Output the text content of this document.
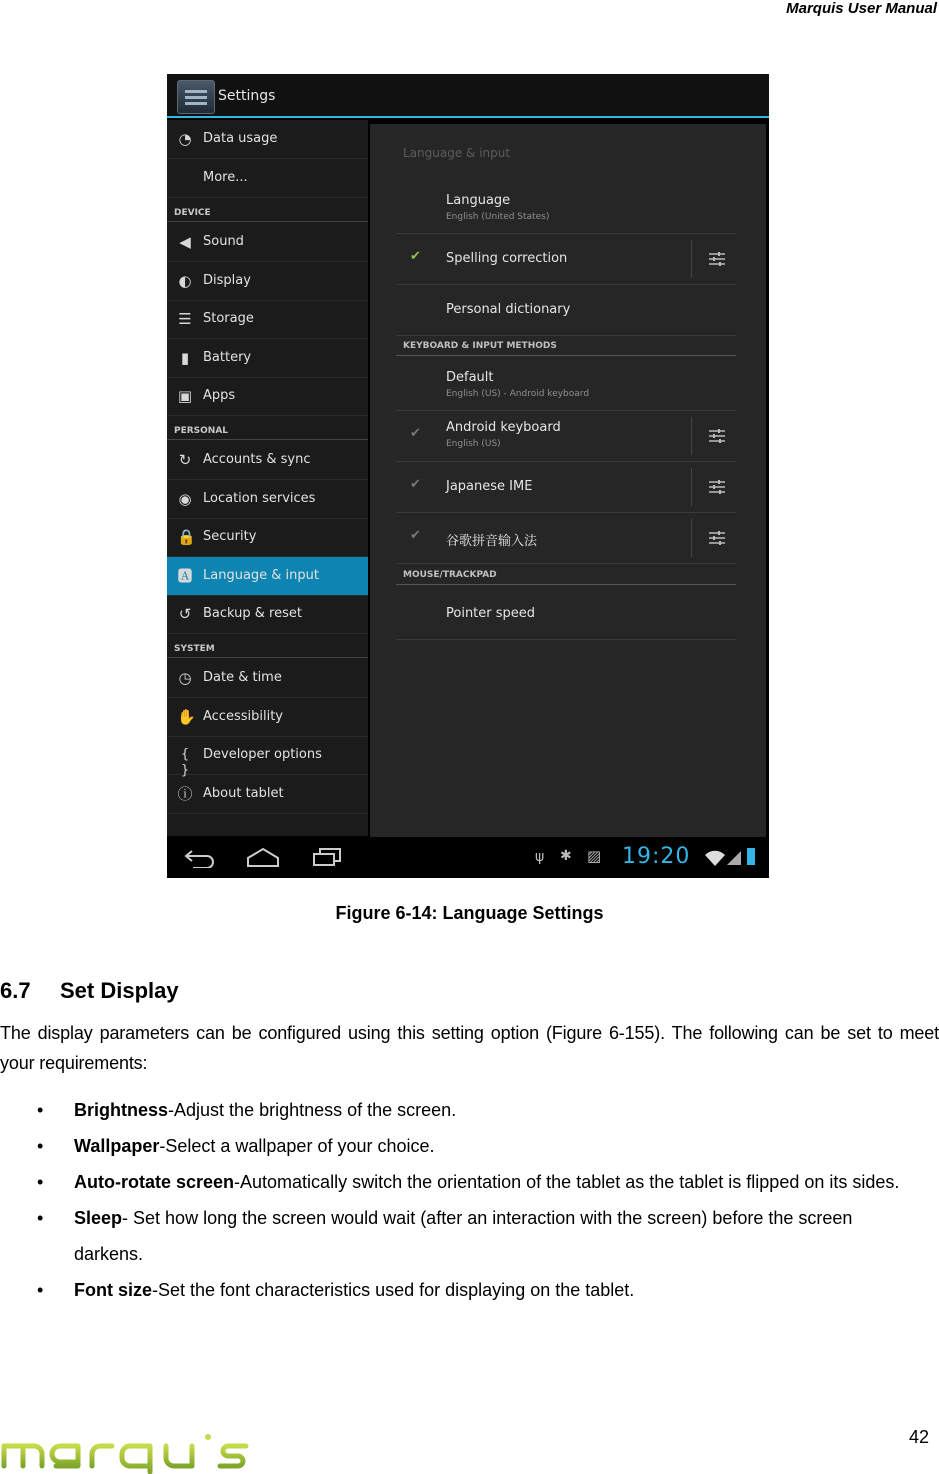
Marquis User Manual
Settings
◔ Data usage
More...
DEVICE
◀ Sound
◐ Display
☰ Storage
▮ Battery
▣ Apps
PERSONAL
↻ Accounts & sync
◉ Location services
🔒 Security
🅰 Language & input
↺ Backup & reset
SYSTEM
◷ Date & time
✋ Accessibility
{ }
Developer options
ⓘ About tablet
Language & input
Language
English (United States)
✔ Spelling correction
Personal dictionary
KEYBOARD & INPUT METHODS
Default
English (US) - Android keyboard
✔ Android keyboard
English (US)
✔ Japanese IME
✔ 谷歌拼音输入法
MOUSE/TRACKPAD
Pointer speed
ψ ✱ ▨ 19:20
Figure 6-14: Language Settings
6.7 Set Display

The display parameters can be configured using this setting option (Figure 6-155). The following can be set to meet your requirements:

• Brightness-Adjust the brightness of the screen.
• Wallpaper-Select a wallpaper of your choice.
• Auto-rotate screen-Automatically switch the orientation of the tablet as the tablet is flipped on its sides.
• Sleep- Set how long the screen would wait (after an interaction with the screen) before the screen darkens.
• Font size-Set the font characteristics used for displaying on the tablet.
42
